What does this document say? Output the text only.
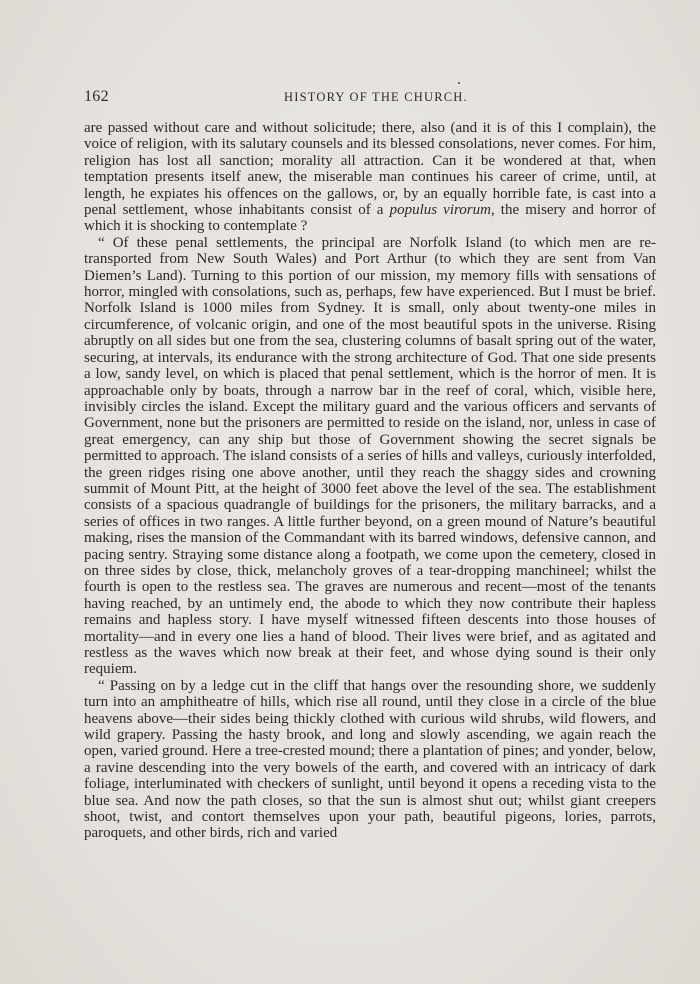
162	HISTORY OF THE CHURCH.

are passed without care and without solicitude; there, also (and it is of this I complain), the voice of religion, with its salutary counsels and its blessed consolations, never comes. For him, religion has lost all sanction; morality all attraction. Can it be wondered at that, when temptation presents itself anew, the miserable man continues his career of crime, until, at length, he expiates his offences on the gallows, or, by an equally horrible fate, is cast into a penal settlement, whose inhabitants consist of a populus virorum, the misery and horror of which it is shocking to contemplate ?

“ Of these penal settlements, the principal are Norfolk Island (to which men are re-transported from New South Wales) and Port Arthur (to which they are sent from Van Diemen’s Land). Turning to this portion of our mission, my memory fills with sensations of horror, mingled with consolations, such as, perhaps, few have experienced. But I must be brief. Norfolk Island is 1000 miles from Sydney. It is small, only about twenty-one miles in circumference, of volcanic origin, and one of the most beautiful spots in the universe. Rising abruptly on all sides but one from the sea, clustering columns of basalt spring out of the water, securing, at intervals, its endurance with the strong architecture of God. That one side presents a low, sandy level, on which is placed that penal settlement, which is the horror of men. It is approachable only by boats, through a narrow bar in the reef of coral, which, visible here, invisibly circles the island. Except the military guard and the various officers and servants of Government, none but the prisoners are permitted to reside on the island, nor, unless in case of great emergency, can any ship but those of Government showing the secret signals be permitted to approach. The island consists of a series of hills and valleys, curiously interfolded, the green ridges rising one above another, until they reach the shaggy sides and crowning summit of Mount Pitt, at the height of 3000 feet above the level of the sea. The establishment consists of a spacious quadrangle of buildings for the prisoners, the military barracks, and a series of offices in two ranges. A little further beyond, on a green mound of Nature’s beautiful making, rises the mansion of the Commandant with its barred windows, defensive cannon, and pacing sentry. Straying some distance along a footpath, we come upon the cemetery, closed in on three sides by close, thick, melancholy groves of a tear-dropping manchineel; whilst the fourth is open to the restless sea. The graves are numerous and recent—most of the tenants having reached, by an untimely end, the abode to which they now contribute their hapless remains and hapless story. I have myself witnessed fifteen descents into those houses of mortality—and in every one lies a hand of blood. Their lives were brief, and as agitated and restless as the waves which now break at their feet, and whose dying sound is their only requiem.

“ Passing on by a ledge cut in the cliff that hangs over the resounding shore, we suddenly turn into an amphitheatre of hills, which rise all round, until they close in a circle of the blue heavens above—their sides being thickly clothed with curious wild shrubs, wild flowers, and wild grapery. Passing the hasty brook, and long and slowly ascending, we again reach the open, varied ground. Here a tree-crested mound; there a plantation of pines; and yonder, below, a ravine descending into the very bowels of the earth, and covered with an intricacy of dark foliage, interluminated with checkers of sunlight, until beyond it opens a receding vista to the blue sea. And now the path closes, so that the sun is almost shut out; whilst giant creepers shoot, twist, and contort themselves upon your path, beautiful pigeons, lories, parrots, paroquets, and other birds, rich and varied
